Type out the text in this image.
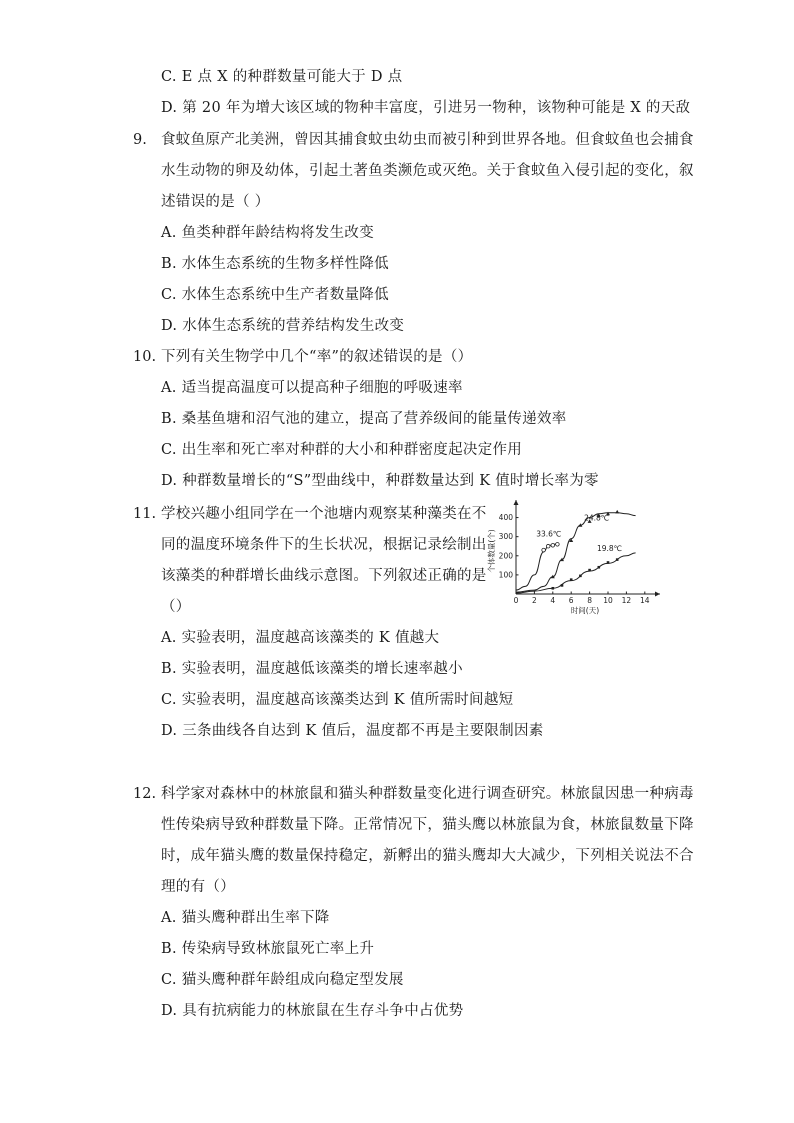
C. E 点 X 的种群数量可能大于 D 点
D. 第 20 年为增大该区域的物种丰富度，引进另一物种，该物种可能是 X 的天敌
9. 食蚊鱼原产北美洲，曾因其捕食蚊虫幼虫而被引种到世界各地。但食蚊鱼也会捕食
水生动物的卵及幼体，引起土著鱼类濒危或灭绝。关于食蚊鱼入侵引起的变化，叙
述错误的是（ ）
A. 鱼类种群年龄结构将发生改变
B. 水体生态系统的生物多样性降低
C. 水体生态系统中生产者数量降低
D. 水体生态系统的营养结构发生改变
10. 下列有关生物学中几个“率”的叙述错误的是（）
A. 适当提高温度可以提高种子细胞的呼吸速率
B. 桑基鱼塘和沼气池的建立，提高了营养级间的能量传递效率
C. 出生率和死亡率对种群的大小和种群密度起决定作用
D. 种群数量增长的“S”型曲线中，种群数量达到 K 值时增长率为零
11. 学校兴趣小组同学在一个池塘内观察某种藻类在不
同的温度环境条件下的生长状况，根据记录绘制出
该藻类的种群增长曲线示意图。下列叙述正确的是
（）	0 2 4 6 8 10 12 14
100
200
300
400
时间(天)
个体数量(个)	33.6℃
24.8℃
19.8℃
A. 实验表明，温度越高该藻类的 K 值越大
B. 实验表明，温度越低该藻类的增长速率越小
C. 实验表明，温度越高该藻类达到 K 值所需时间越短
D. 三条曲线各自达到 K 值后，温度都不再是主要限制因素
12. 科学家对森林中的林旅鼠和猫头种群数量变化进行调查研究。林旅鼠因患一种病毒
性传染病导致种群数量下降。正常情况下，猫头鹰以林旅鼠为食，林旅鼠数量下降
时，成年猫头鹰的数量保持稳定，新孵出的猫头鹰却大大减少，下列相关说法不合
理的有（）
A. 猫头鹰种群出生率下降
B. 传染病导致林旅鼠死亡率上升
C. 猫头鹰种群年龄组成向稳定型发展
D. 具有抗病能力的林旅鼠在生存斗争中占优势
